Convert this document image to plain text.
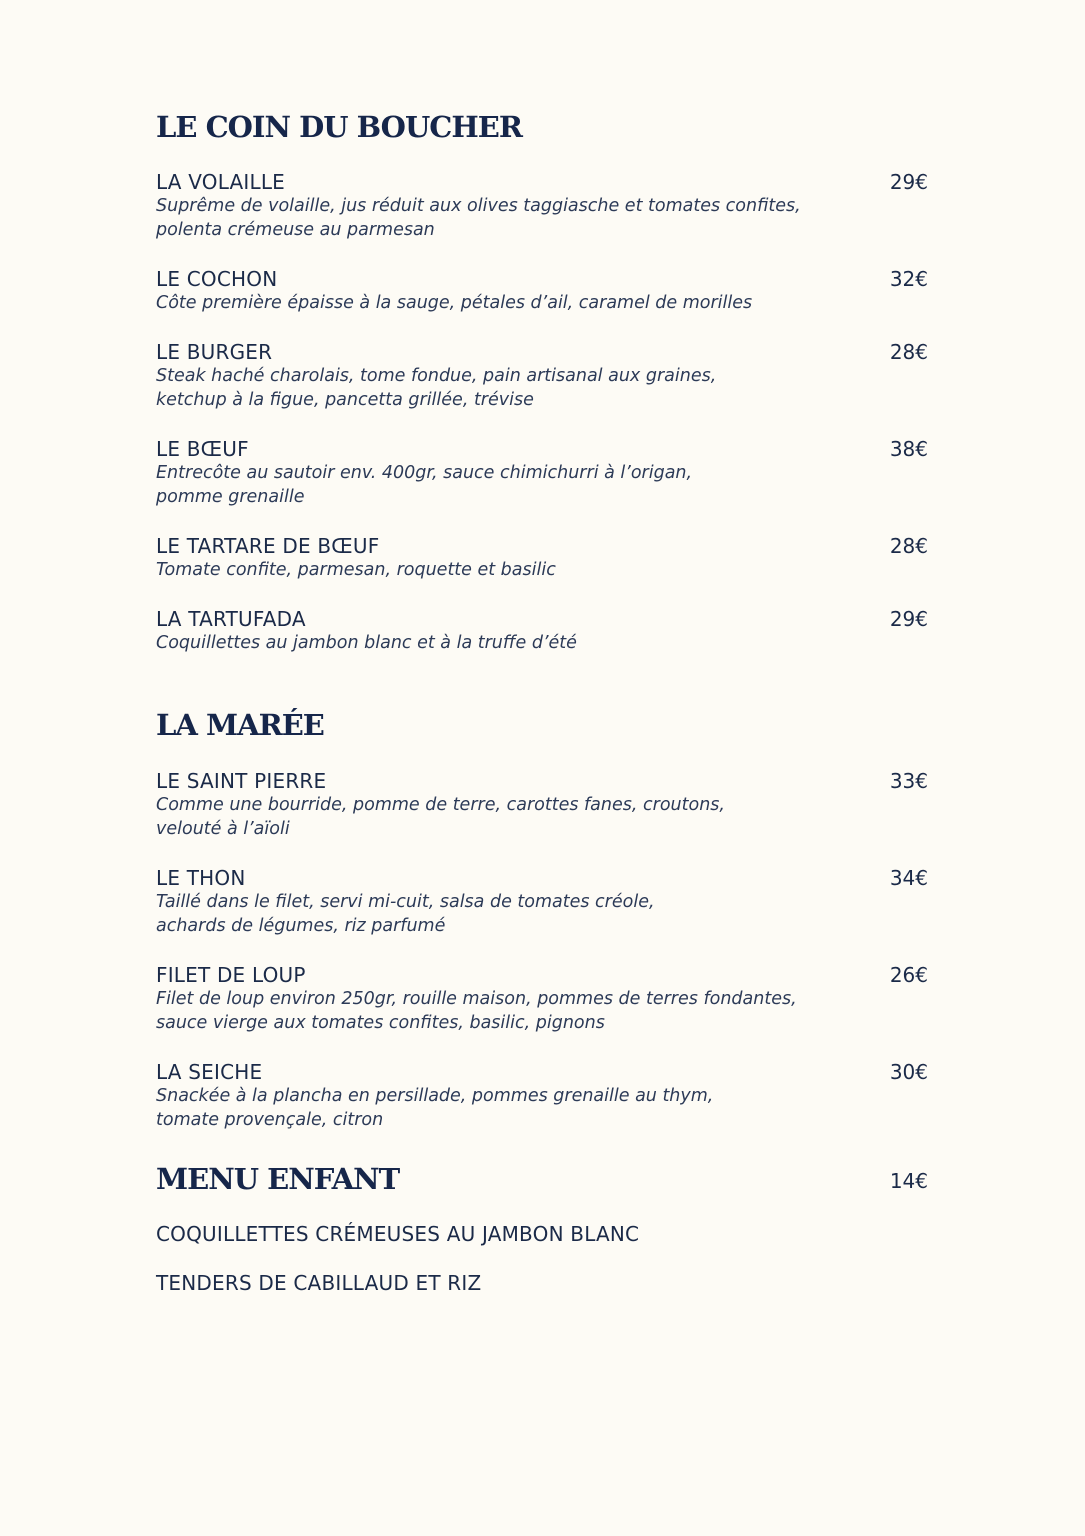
LE COIN DU BOUCHER
LA VOLAILLE	29€
Suprême de volaille, jus réduit aux olives taggiasche et tomates confites,
polenta crémeuse au parmesan
LE COCHON	32€
Côte première épaisse à la sauge, pétales d’ail, caramel de morilles
LE BURGER	28€
Steak haché charolais, tome fondue, pain artisanal aux graines,
ketchup à la figue, pancetta grillée, trévise
LE BŒUF	38€
Entrecôte au sautoir env. 400gr, sauce chimichurri à l’origan,
pomme grenaille
LE TARTARE DE BŒUF	28€
Tomate confite, parmesan, roquette et basilic
LA TARTUFADA	29€
Coquillettes au jambon blanc et à la truffe d’été
LA MARÉE
LE SAINT PIERRE	33€
Comme une bourride, pomme de terre, carottes fanes, croutons,
velouté à l’aïoli
LE THON	34€
Taillé dans le filet, servi mi-cuit, salsa de tomates créole,
achards de légumes, riz parfumé
FILET DE LOUP	26€
Filet de loup environ 250gr, rouille maison, pommes de terres fondantes,
sauce vierge aux tomates confites, basilic, pignons
LA SEICHE	30€
Snackée à la plancha en persillade, pommes grenaille au thym,
tomate provençale, citron
MENU ENFANT	14€
COQUILLETTES CRÉMEUSES AU JAMBON BLANC
TENDERS DE CABILLAUD ET RIZ
